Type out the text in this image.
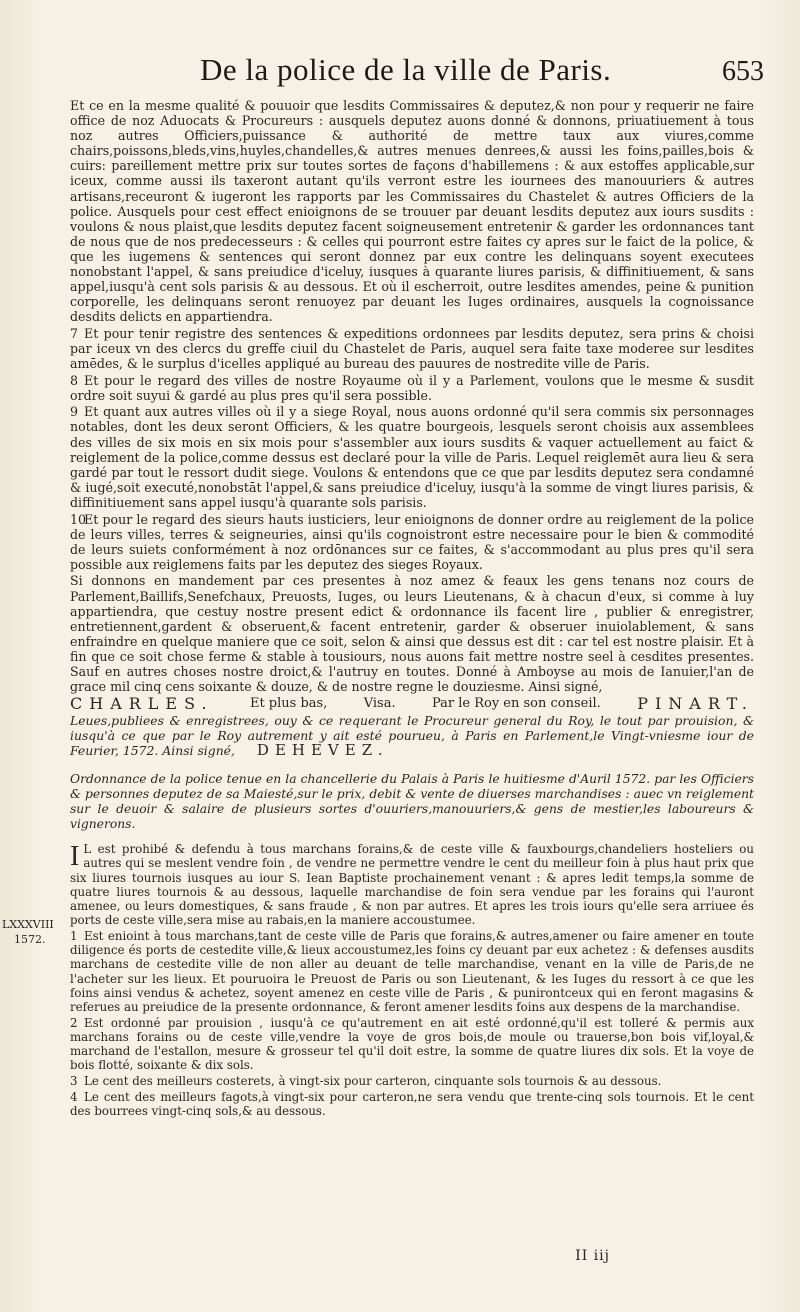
De la police de la ville de Paris.	653
LXXXVIII
1572.

Et ce en la mesme qualité & pouuoir que lesdits Commissaires & deputez,& non pour y requerir ne faire office de noz Aduocats & Procureurs : ausquels deputez auons donné & donnons, priuatiuement à tous noz autres Officiers,puissance & authorité de mettre taux aux viures,comme chairs,poissons,bleds,vins,huyles,chandelles,& autres menues denrees,& aussi les foins,pailles,bois & cuirs: pareillement mettre prix sur toutes sortes de façons d'habillemens : & aux estoffes applicable,sur iceux, comme aussi ils taxeront autant qu'ils verront estre les iournees des manouuriers & autres artisans,receuront & iugeront les rapports par les Commissaires du Chastelet & autres Officiers de la police. Ausquels pour cest effect enioignons de se trouuer par deuant lesdits deputez aux iours susdits : voulons & nous plaist,que lesdits deputez facent soigneusement entretenir & garder les ordonnances tant de nous que de nos predecesseurs : & celles qui pourront estre faites cy apres sur le faict de la police, & que les iugemens & sentences qui seront donnez par eux contre les delinquans soyent executees nonobstant l'appel, & sans preiudice d'iceluy, iusques à quarante liures parisis, & diffinitiuement, & sans appel,iusqu'à cent sols parisis & au dessous. Et où il escherroit, outre lesdites amendes, peine & punition corporelle, les delinquans seront renuoyez par deuant les Iuges ordinaires, ausquels la cognoissance desdits delicts en appartiendra.

7 Et pour tenir registre des sentences & expeditions ordonnees par lesdits deputez, sera prins & choisi par iceux vn des clercs du greffe ciuil du Chastelet de Paris, auquel sera faite taxe moderee sur lesdites amēdes, & le surplus d'icelles appliqué au bureau des pauures de nostredite ville de Paris.

8 Et pour le regard des villes de nostre Royaume où il y a Parlement, voulons que le mesme & susdit ordre soit suyui & gardé au plus pres qu'il sera possible.

9 Et quant aux autres villes où il y a siege Royal, nous auons ordonné qu'il sera commis six personnages notables, dont les deux seront Officiers, & les quatre bourgeois, lesquels seront choisis aux assemblees des villes de six mois en six mois pour s'assembler aux iours susdits & vaquer actuellement au faict & reiglement de la police,comme dessus est declaré pour la ville de Paris. Lequel reiglemēt aura lieu & sera gardé par tout le ressort dudit siege. Voulons & entendons que ce que par lesdits deputez sera condamné & iugé,soit executé,nonobstāt l'appel,& sans preiudice d'iceluy, iusqu'à la somme de vingt liures parisis, & diffinitiuement sans appel iusqu'à quarante sols parisis.

10Et pour le regard des sieurs hauts iusticiers, leur enioignons de donner ordre au reiglement de la police de leurs villes, terres & seigneuries, ainsi qu'ils cognoistront estre necessaire pour le bien & commodité de leurs suiets conformément à noz ordōnances sur ce faites, & s'accommodant au plus pres qu'il sera possible aux reiglemens faits par les deputez des sieges Royaux.

Si donnons en mandement par ces presentes à noz amez & feaux les gens tenans noz cours de Parlement,Baillifs,Senefchaux, Preuosts, Iuges, ou leurs Lieutenans, & à chacun d'eux, si comme à luy appartiendra, que cestuy nostre present edict & ordonnance ils facent lire , publier & enregistrer, entretiennent,gardent & obseruent,& facent entretenir, garder & obseruer inuiolablement, & sans enfraindre en quelque maniere que ce soit, selon & ainsi que dessus est dit : car tel est nostre plaisir. Et à fin que ce soit chose ferme & stable à tousiours, nous auons fait mettre nostre seel à cesdites presentes. Sauf en autres choses nostre droict,& l'autruy en toutes. Donné à Amboyse au mois de Ianuier,l'an de grace mil cinq cens soixante & douze, & de nostre regne le douziesme. Ainsi signé,

CHARLES.	Et plus bas,	Visa.	Par le Roy en son conseil. PINART.
Leues,publiees & enregistrees, ouy & ce requerant le Procureur general du Roy, le tout par prouision, & iusqu'à ce que par le Roy autrement y ait esté pourueu, à Paris en Parlement,le Vingt-vniesme iour de Feurier, 1572. Ainsi signé, DEHEVEZ.
Ordonnance de la police tenue en la chancellerie du Palais à Paris le huitiesme d'Auril 1572. par les Officiers & personnes deputez de sa Maiesté,sur le prix, debit & vente de diuerses marchandises : auec vn reiglement sur le deuoir & salaire de plusieurs sortes d'ouuriers,manouuriers,& gens de mestier,les laboureurs & vignerons.

I L est prohibé & defendu à tous marchans forains,& de ceste ville & fauxbourgs,chandeliers hosteliers ou autres qui se meslent vendre foin , de vendre ne permettre vendre le cent du meilleur foin à plus haut prix que six liures tournois iusques au iour S. Iean Baptiste prochainement venant : & apres ledit temps,la somme de quatre liures tournois & au dessous, laquelle marchandise de foin sera vendue par les forains qui l'auront amenee, ou leurs domestiques, & sans fraude , & non par autres. Et apres les trois iours qu'elle sera arriuee és ports de ceste ville,sera mise au rabais,en la maniere accoustumee.

1 Est enioint à tous marchans,tant de ceste ville de Paris que forains,& autres,amener ou faire amener en toute diligence és ports de cestedite ville,& lieux accoustumez,les foins cy deuant par eux achetez : & defenses ausdits marchans de cestedite ville de non aller au deuant de telle marchandise, venant en la ville de Paris,de ne l'acheter sur les lieux. Et pouruoira le Preuost de Paris ou son Lieutenant, & les Iuges du ressort à ce que les foins ainsi vendus & achetez, soyent amenez en ceste ville de Paris , & punirontceux qui en feront magasins & referues au preiudice de la presente ordonnance, & feront amener lesdits foins aux despens de la marchandise.

2 Est ordonné par prouision , iusqu'à ce qu'autrement en ait esté ordonné,qu'il est tolleré & permis aux marchans forains ou de ceste ville,vendre la voye de gros bois,de moule ou trauerse,bon bois vif,loyal,& marchand de l'estallon, mesure & grosseur tel qu'il doit estre, la somme de quatre liures dix sols. Et la voye de bois flotté, soixante & dix sols.

3 Le cent des meilleurs costerets, à vingt-six pour carteron, cinquante sols tournois & au dessous.

4 Le cent des meilleurs fagots,à vingt-six pour carteron,ne sera vendu que trente-cinq sols tournois. Et le cent des bourrees vingt-cinq sols,& au dessous.

II iij
